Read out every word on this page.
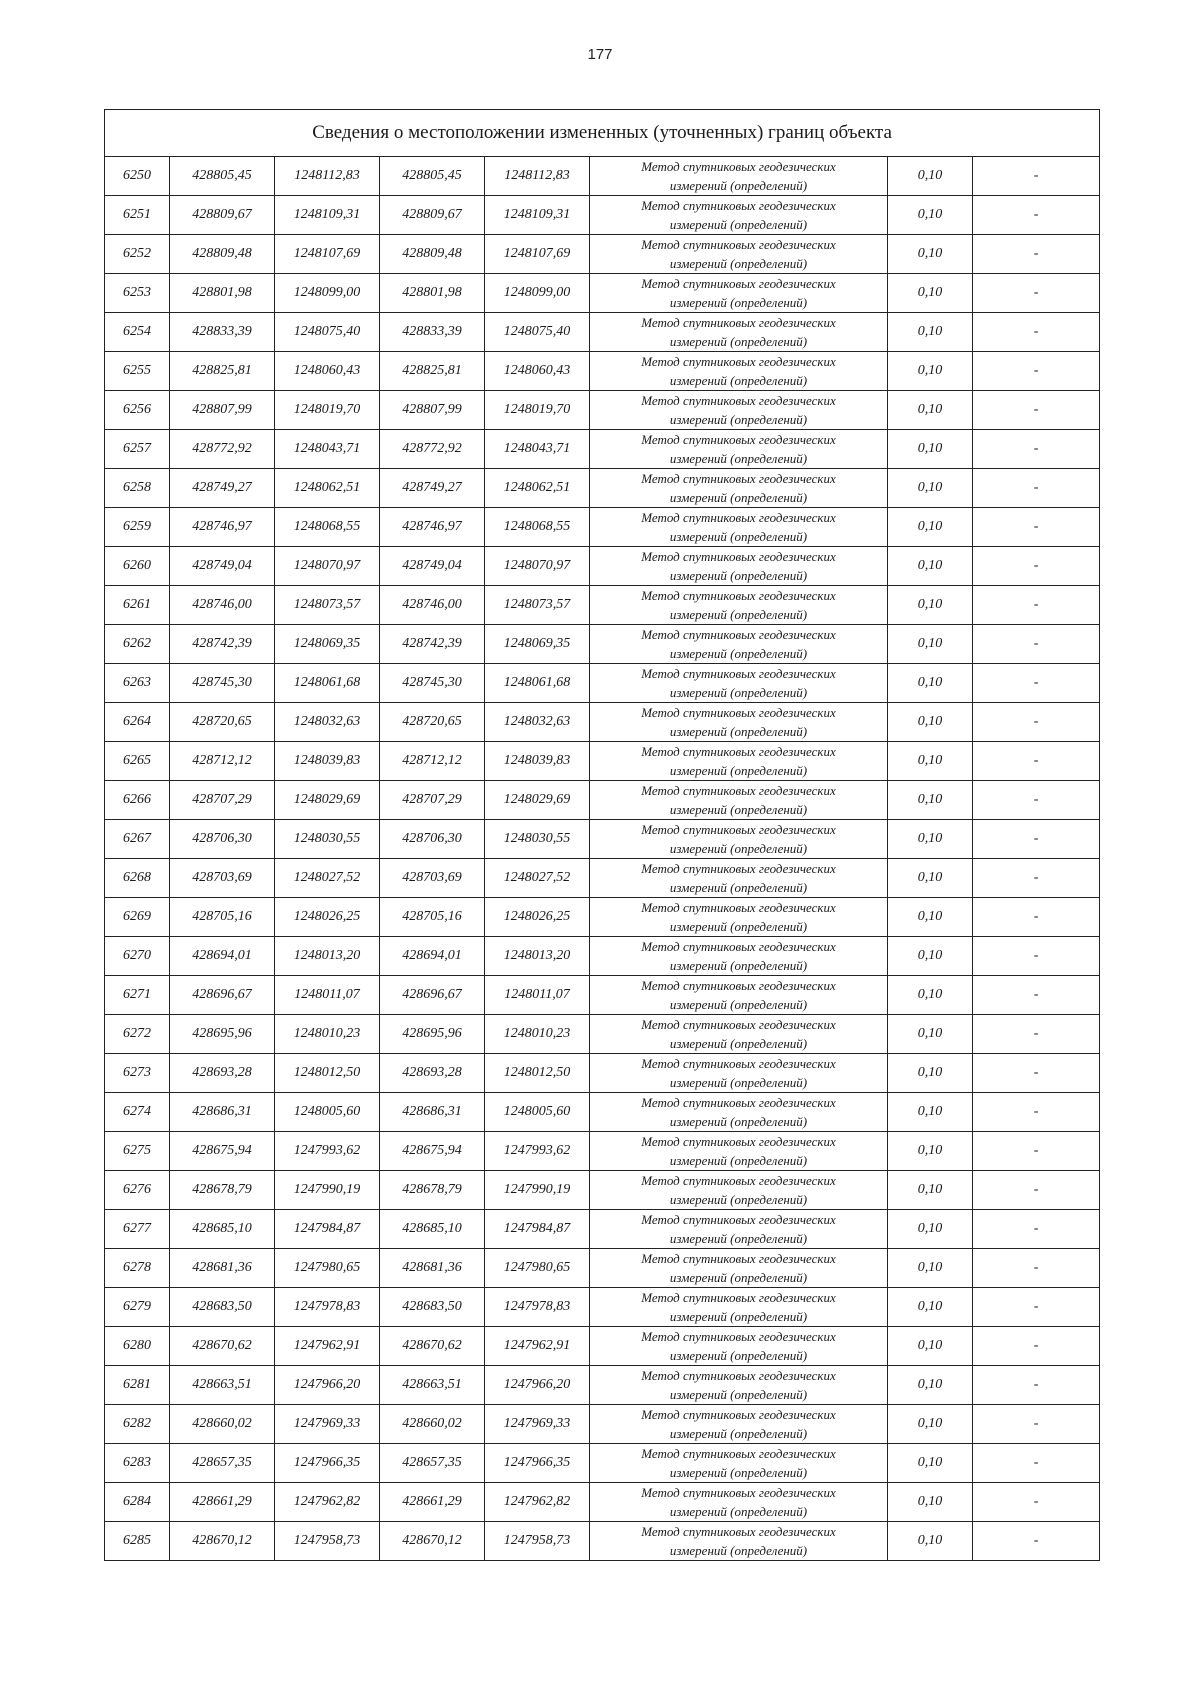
177
Сведения о местоположении измененных (уточненных) границ объекта							
6250	428805,45	1248112,83	428805,45	1248112,83	Метод спутниковых геодезических
измерений (определений)	0,10	-
6251	428809,67	1248109,31	428809,67	1248109,31	Метод спутниковых геодезических
измерений (определений)	0,10	-
6252	428809,48	1248107,69	428809,48	1248107,69	Метод спутниковых геодезических
измерений (определений)	0,10	-
6253	428801,98	1248099,00	428801,98	1248099,00	Метод спутниковых геодезических
измерений (определений)	0,10	-
6254	428833,39	1248075,40	428833,39	1248075,40	Метод спутниковых геодезических
измерений (определений)	0,10	-
6255	428825,81	1248060,43	428825,81	1248060,43	Метод спутниковых геодезических
измерений (определений)	0,10	-
6256	428807,99	1248019,70	428807,99	1248019,70	Метод спутниковых геодезических
измерений (определений)	0,10	-
6257	428772,92	1248043,71	428772,92	1248043,71	Метод спутниковых геодезических
измерений (определений)	0,10	-
6258	428749,27	1248062,51	428749,27	1248062,51	Метод спутниковых геодезических
измерений (определений)	0,10	-
6259	428746,97	1248068,55	428746,97	1248068,55	Метод спутниковых геодезических
измерений (определений)	0,10	-
6260	428749,04	1248070,97	428749,04	1248070,97	Метод спутниковых геодезических
измерений (определений)	0,10	-
6261	428746,00	1248073,57	428746,00	1248073,57	Метод спутниковых геодезических
измерений (определений)	0,10	-
6262	428742,39	1248069,35	428742,39	1248069,35	Метод спутниковых геодезических
измерений (определений)	0,10	-
6263	428745,30	1248061,68	428745,30	1248061,68	Метод спутниковых геодезических
измерений (определений)	0,10	-
6264	428720,65	1248032,63	428720,65	1248032,63	Метод спутниковых геодезических
измерений (определений)	0,10	-
6265	428712,12	1248039,83	428712,12	1248039,83	Метод спутниковых геодезических
измерений (определений)	0,10	-
6266	428707,29	1248029,69	428707,29	1248029,69	Метод спутниковых геодезических
измерений (определений)	0,10	-
6267	428706,30	1248030,55	428706,30	1248030,55	Метод спутниковых геодезических
измерений (определений)	0,10	-
6268	428703,69	1248027,52	428703,69	1248027,52	Метод спутниковых геодезических
измерений (определений)	0,10	-
6269	428705,16	1248026,25	428705,16	1248026,25	Метод спутниковых геодезических
измерений (определений)	0,10	-
6270	428694,01	1248013,20	428694,01	1248013,20	Метод спутниковых геодезических
измерений (определений)	0,10	-
6271	428696,67	1248011,07	428696,67	1248011,07	Метод спутниковых геодезических
измерений (определений)	0,10	-
6272	428695,96	1248010,23	428695,96	1248010,23	Метод спутниковых геодезических
измерений (определений)	0,10	-
6273	428693,28	1248012,50	428693,28	1248012,50	Метод спутниковых геодезических
измерений (определений)	0,10	-
6274	428686,31	1248005,60	428686,31	1248005,60	Метод спутниковых геодезических
измерений (определений)	0,10	-
6275	428675,94	1247993,62	428675,94	1247993,62	Метод спутниковых геодезических
измерений (определений)	0,10	-
6276	428678,79	1247990,19	428678,79	1247990,19	Метод спутниковых геодезических
измерений (определений)	0,10	-
6277	428685,10	1247984,87	428685,10	1247984,87	Метод спутниковых геодезических
измерений (определений)	0,10	-
6278	428681,36	1247980,65	428681,36	1247980,65	Метод спутниковых геодезических
измерений (определений)	0,10	-
6279	428683,50	1247978,83	428683,50	1247978,83	Метод спутниковых геодезических
измерений (определений)	0,10	-
6280	428670,62	1247962,91	428670,62	1247962,91	Метод спутниковых геодезических
измерений (определений)	0,10	-
6281	428663,51	1247966,20	428663,51	1247966,20	Метод спутниковых геодезических
измерений (определений)	0,10	-
6282	428660,02	1247969,33	428660,02	1247969,33	Метод спутниковых геодезических
измерений (определений)	0,10	-
6283	428657,35	1247966,35	428657,35	1247966,35	Метод спутниковых геодезических
измерений (определений)	0,10	-
6284	428661,29	1247962,82	428661,29	1247962,82	Метод спутниковых геодезических
измерений (определений)	0,10	-
6285	428670,12	1247958,73	428670,12	1247958,73	Метод спутниковых геодезических
измерений (определений)	0,10	-
